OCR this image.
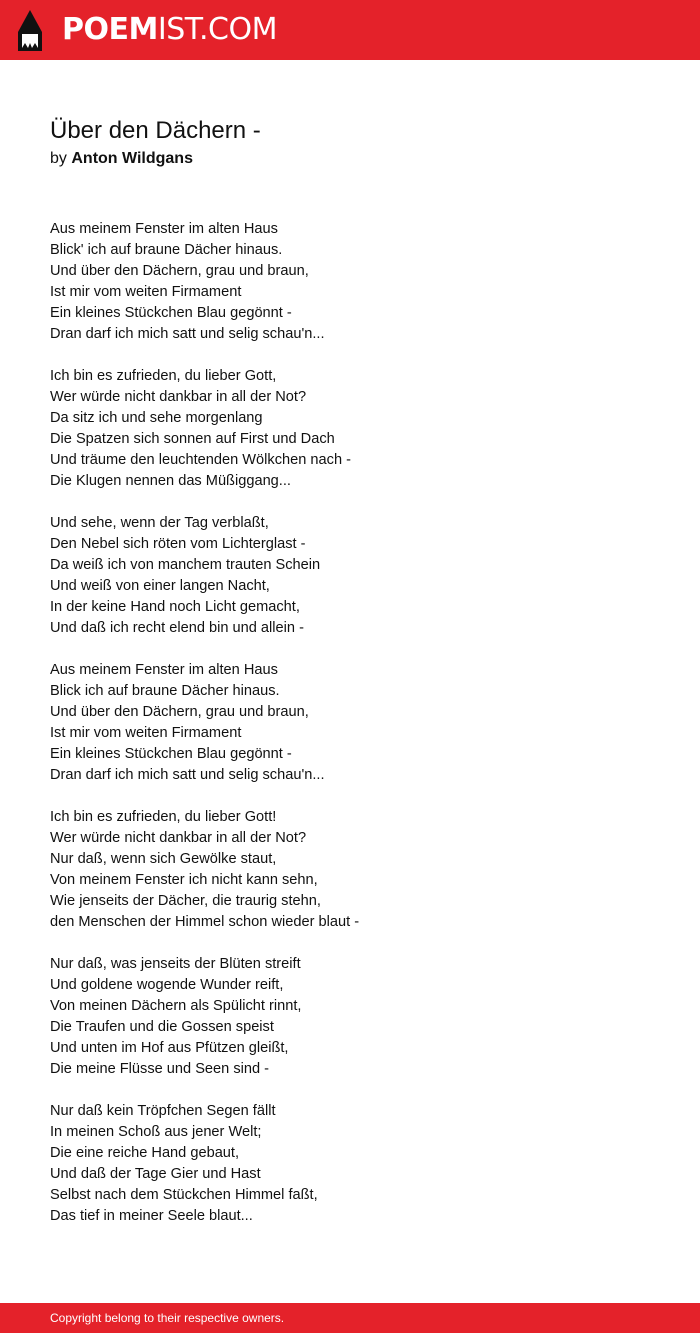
POEMIST.COM
Über den Dächern -
by Anton Wildgans
Aus meinem Fenster im alten Haus
Blick' ich auf braune Dächer hinaus.
Und über den Dächern, grau und braun,
Ist mir vom weiten Firmament
Ein kleines Stückchen Blau gegönnt -
Dran darf ich mich satt und selig schau'n...
Ich bin es zufrieden, du lieber Gott,
Wer würde nicht dankbar in all der Not?
Da sitz ich und sehe morgenlang
Die Spatzen sich sonnen auf First und Dach
Und träume den leuchtenden Wölkchen nach -
Die Klugen nennen das Müßiggang...
Und sehe, wenn der Tag verblaßt,
Den Nebel sich röten vom Lichterglast -
Da weiß ich von manchem trauten Schein
Und weiß von einer langen Nacht,
In der keine Hand noch Licht gemacht,
Und daß ich recht elend bin und allein -
Aus meinem Fenster im alten Haus
Blick ich auf braune Dächer hinaus.
Und über den Dächern, grau und braun,
Ist mir vom weiten Firmament
Ein kleines Stückchen Blau gegönnt -
Dran darf ich mich satt und selig schau'n...
Ich bin es zufrieden, du lieber Gott!
Wer würde nicht dankbar in all der Not?
Nur daß, wenn sich Gewölke staut,
Von meinem Fenster ich nicht kann sehn,
Wie jenseits der Dächer, die traurig stehn,
den Menschen der Himmel schon wieder blaut -
Nur daß, was jenseits der Blüten streift
Und goldene wogende Wunder reift,
Von meinen Dächern als Spülicht rinnt,
Die Traufen und die Gossen speist
Und unten im Hof aus Pfützen gleißt,
Die meine Flüsse und Seen sind -
Nur daß kein Tröpfchen Segen fällt
In meinen Schoß aus jener Welt;
Die eine reiche Hand gebaut,
Und daß der Tage Gier und Hast
Selbst nach dem Stückchen Himmel faßt,
Das tief in meiner Seele blaut...
Copyright belong to their respective owners.
